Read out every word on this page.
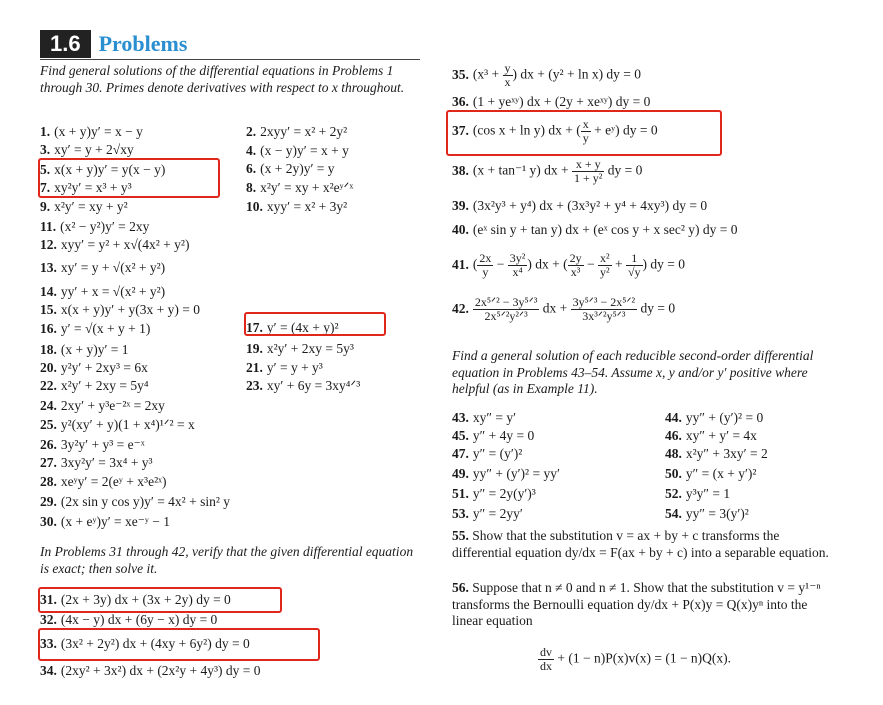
1.6 Problems
Find general solutions of the differential equations in Problems 1 through 30. Primes denote derivatives with respect to x throughout.
1. (x + y)y′ = x − y
3. xy′ = y + 2√xy
5. x(x + y)y′ = y(x − y)
7. xy²y′ = x³ + y³
9. x²y′ = xy + y²
11. (x² − y²)y′ = 2xy
12. xyy′ = y² + x√(4x² + y²)
13. xy′ = y + √(x² + y²)
14. yy′ + x = √(x² + y²)
15. x(x + y)y′ + y(3x + y) = 0
16. y′ = √(x + y + 1)
18. (x + y)y′ = 1
20. y²y′ + 2xy³ = 6x
22. x²y′ + 2xy = 5y⁴
24. 2xy′ + y³e⁻²ˣ = 2xy
25. y²(xy′ + y)(1 + x⁴)¹ᐟ² = x
26. 3y²y′ + y³ = e⁻ˣ
27. 3xy²y′ = 3x⁴ + y³
28. xeʸy′ = 2(eʸ + x³e²ˣ)
29. (2x sin y cos y)y′ = 4x² + sin² y
30. (x + eʸ)y′ = xe⁻ʸ − 1
2. 2xyy′ = x² + 2y²
4. (x − y)y′ = x + y
6. (x + 2y)y′ = y
8. x²y′ = xy + x²eʸᐟˣ
10. xyy′ = x² + 3y²
17. y′ = (4x + y)²
19. x²y′ + 2xy = 5y³
21. y′ = y + y³
23. xy′ + 6y = 3xy⁴ᐟ³
In Problems 31 through 42, verify that the given differential equation is exact; then solve it.
31. (2x + 3y) dx + (3x + 2y) dy = 0
32. (4x − y) dx + (6y − x) dy = 0
33. (3x² + 2y²) dx + (4xy + 6y²) dy = 0
34. (2xy² + 3x²) dx + (2x²y + 4y³) dy = 0
35. ($x^3 + \frac{y}{x}$ ) dx + (y² + ln x) dy = 0
36. (1 + yeˣʸ) dx + (2y + xeˣʸ) dy = 0
37. (cos x + ln y) dx + ( $\frac{x}{y}$ + eʸ) dy = 0
38. (x + tan⁻¹ y) dx + $\frac{x + y}{\text{1 + y²}}$ dy = 0
39. (3x²y³ + y⁴) dx + (3x³y² + y⁴ + 4xy³) dy = 0
40. (eˣ sin y + tan y) dx + (eˣ cos y + x sec² y) dy = 0
41. ( $\frac{2x}{y} - \frac{\text{3y²}}{\text{x⁴}}$ ) dx + ( $\frac{2y}{\text{x³}} - \frac{\text{x²}}{\text{y²}} + \frac{1}{√y}$ ) dy = 0
42. $\frac{\text{2x⁵ᐟ² − 3y⁵ᐟ³}}{\text{2x⁵ᐟ²y²ᐟ³}}$ dx + $\frac{\text{3y⁵ᐟ³ − 2x⁵ᐟ²}}{\text{3x³ᐟ²y⁵ᐟ³}}$ dy = 0
Find a general solution of each reducible second-order differential equation in Problems 43–54. Assume x, y and/or y′ positive where helpful (as in Example 11).
43. xy″ = y′
45. y″ + 4y = 0
47. y″ = (y′)²
49. yy″ + (y′)² = yy′
51. y″ = 2y(y′)³
53. y″ = 2yy′
44. yy″ + (y′)² = 0
46. xy″ + y′ = 4x
48. x²y″ + 3xy′ = 2
50. y″ = (x + y′)²
52. y³y″ = 1
54. yy″ = 3(y′)²
55. Show that the substitution v = ax + by + c transforms the differential equation dy/dx = F(ax + by + c) into a separable equation.
56. Suppose that n ≠ 0 and n ≠ 1. Show that the substitution v = y¹⁻ⁿ transforms the Bernoulli equation dy/dx + P(x)y = Q(x)yⁿ into the linear equation
$\frac{dv}{dx} + (1 - n)P(x)v(x) = (1 - n)Q(x)$.
